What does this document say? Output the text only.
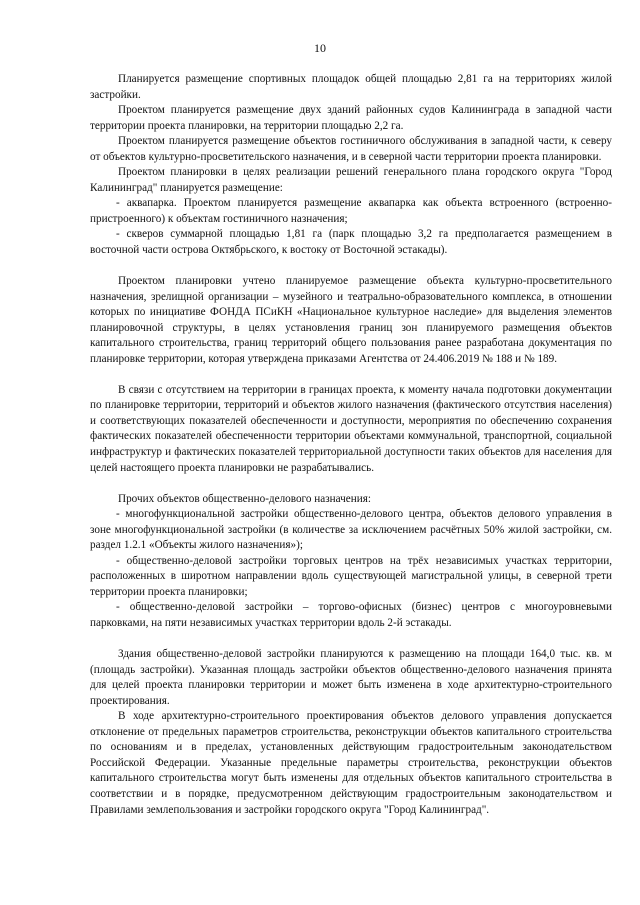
10

Планируется размещение спортивных площадок общей площадью 2,81 га на территориях жилой застройки.

Проектом планируется размещение двух зданий районных судов Калининграда в западной части территории проекта планировки, на территории площадью 2,2 га.

Проектом планируется размещение объектов гостиничного обслуживания в западной части, к северу от объектов культурно-просветительского назначения, и в северной части территории проекта планировки.

Проектом планировки в целях реализации решений генерального плана городского округа "Город Калининград" планируется размещение:

- аквапарка. Проектом планируется размещение аквапарка как объекта встроенного (встроенно-пристроенного) к объектам гостиничного назначения;

- скверов суммарной площадью 1,81 га (парк площадью 3,2 га предполагается размещением в восточной части острова Октябрьского, к востоку от Восточной эстакады).

Проектом планировки учтено планируемое размещение объекта культурно-просветительного назначения, зрелищной организации – музейного и театрально-образовательного комплекса, в отношении которых по инициативе ФОНДА ПСиКН «Национальное культурное наследие» для выделения элементов планировочной структуры, в целях установления границ зон планируемого размещения объектов капитального строительства, границ территорий общего пользования ранее разработана документация по планировке территории, которая утверждена приказами Агентства от 24.406.2019 № 188 и № 189.

В связи с отсутствием на территории в границах проекта, к моменту начала подготовки документации по планировке территории, территорий и объектов жилого назначения (фактического отсутствия населения) и соответствующих показателей обеспеченности и доступности, мероприятия по обеспечению сохранения фактических показателей обеспеченности территории объектами коммунальной, транспортной, социальной инфраструктур и фактических показателей территориальной доступности таких объектов для населения для целей настоящего проекта планировки не разрабатывались.

Прочих объектов общественно-делового назначения:

- многофункциональной застройки общественно-делового центра, объектов делового управления в зоне многофункциональной застройки (в количестве за исключением расчётных 50% жилой застройки, см. раздел 1.2.1 «Объекты жилого назначения»);

- общественно-деловой застройки торговых центров на трёх независимых участках территории, расположенных в широтном направлении вдоль существующей магистральной улицы, в северной трети территории проекта планировки;

- общественно-деловой застройки – торгово-офисных (бизнес) центров с многоуровневыми парковками, на пяти независимых участках территории вдоль 2-й эстакады.

Здания общественно-деловой застройки планируются к размещению на площади 164,0 тыс. кв. м (площадь застройки). Указанная площадь застройки объектов общественно-делового назначения принята для целей проекта планировки территории и может быть изменена в ходе архитектурно-строительного проектирования.

В ходе архитектурно-строительного проектирования объектов делового управления допускается отклонение от предельных параметров строительства, реконструкции объектов капитального строительства по основаниям и в пределах, установленных действующим градостроительным законодательством Российской Федерации. Указанные предельные параметры строительства, реконструкции объектов капитального строительства могут быть изменены для отдельных объектов капитального строительства в соответствии и в порядке, предусмотренном действующим градостроительным законодательством и Правилами землепользования и застройки городского округа "Город Калининград".
